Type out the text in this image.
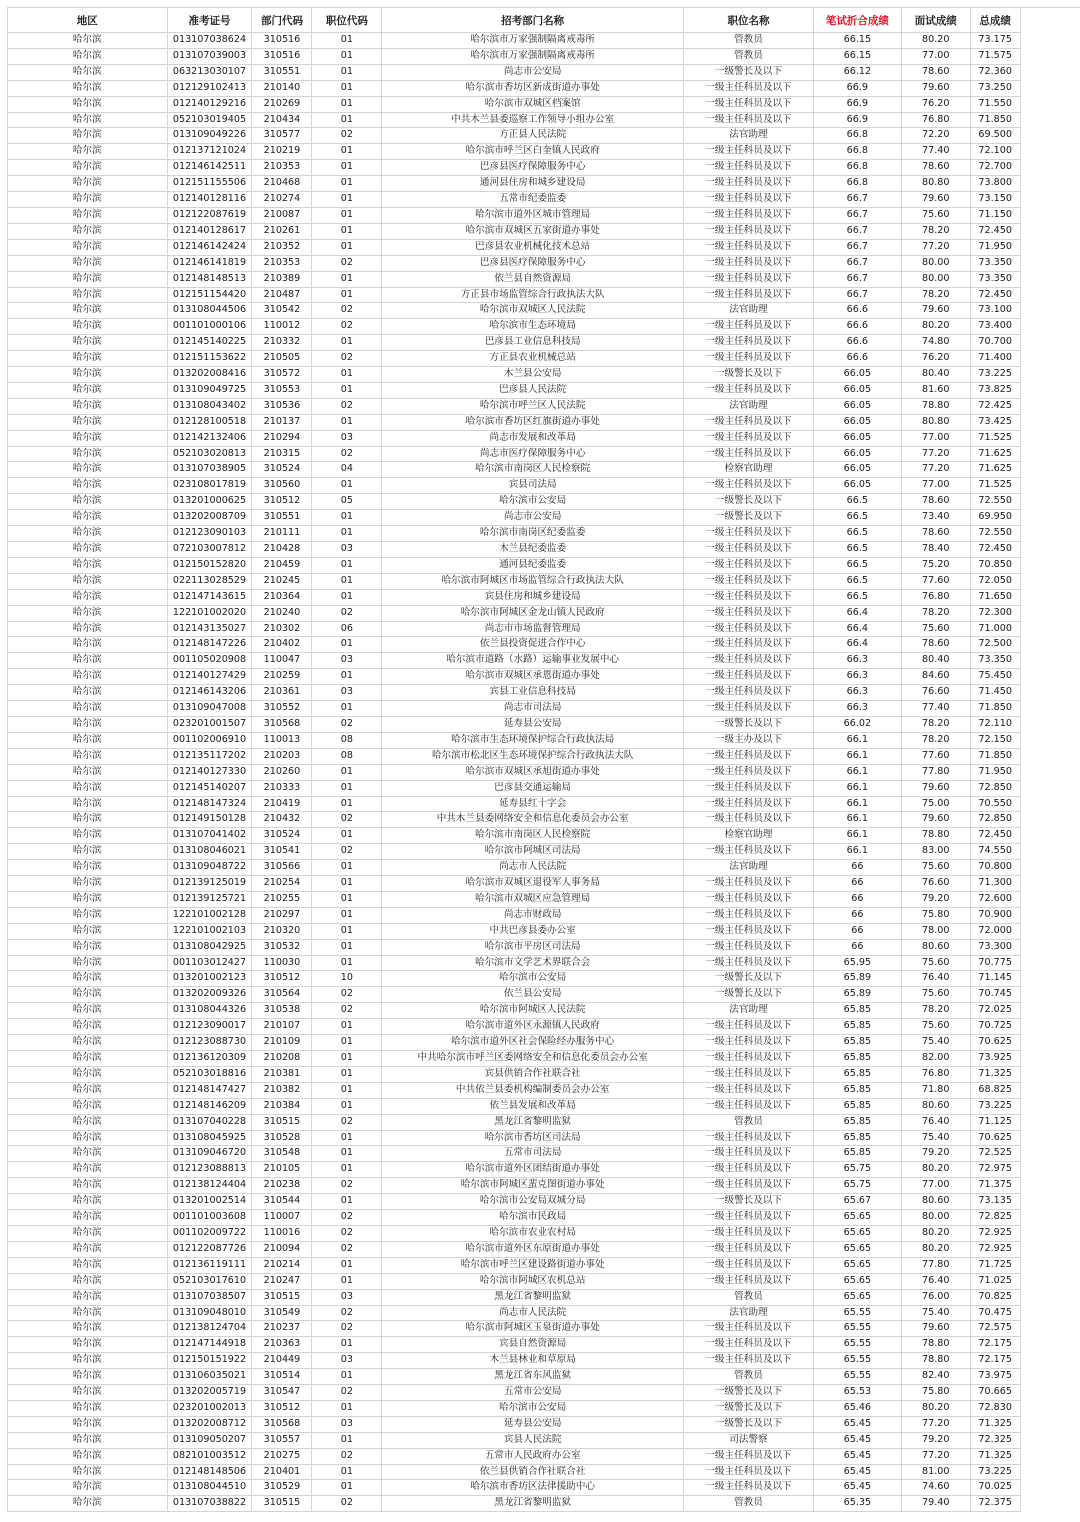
地区	准考证号	部门代码	职位代码	招考部门名称	职位名称	笔试折合成绩	面试成绩	总成绩	
哈尔滨	013107038624	310516	01	哈尔滨市万家强制隔离戒毒所	管教员	66.15	80.20	73.175	
哈尔滨	013107039003	310516	01	哈尔滨市万家强制隔离戒毒所	管教员	66.15	77.00	71.575	
哈尔滨	063213030107	310551	01	尚志市公安局	一级警长及以下	66.12	78.60	72.360	
哈尔滨	012129102413	210140	01	哈尔滨市香坊区新成街道办事处	一级主任科员及以下	66.9	79.60	73.250	
哈尔滨	012140129216	210269	01	哈尔滨市双城区档案馆	一级主任科员及以下	66.9	76.20	71.550	
哈尔滨	052103019405	210434	01	中共木兰县委巡察工作领导小组办公室	一级主任科员及以下	66.9	76.80	71.850	
哈尔滨	013109049226	310577	02	方正县人民法院	法官助理	66.8	72.20	69.500	
哈尔滨	012137121024	210219	01	哈尔滨市呼兰区白奎镇人民政府	一级主任科员及以下	66.8	77.40	72.100	
哈尔滨	012146142511	210353	01	巴彦县医疗保障服务中心	一级主任科员及以下	66.8	78.60	72.700	
哈尔滨	012151155506	210468	01	通河县住房和城乡建设局	一级主任科员及以下	66.8	80.80	73.800	
哈尔滨	012140128116	210274	01	五常市纪委监委	一级主任科员及以下	66.7	79.60	73.150	
哈尔滨	012122087619	210087	01	哈尔滨市道外区城市管理局	一级主任科员及以下	66.7	75.60	71.150	
哈尔滨	012140128617	210261	01	哈尔滨市双城区五家街道办事处	一级主任科员及以下	66.7	78.20	72.450	
哈尔滨	012146142424	210352	01	巴彦县农业机械化技术总站	一级主任科员及以下	66.7	77.20	71.950	
哈尔滨	012146141819	210353	02	巴彦县医疗保障服务中心	一级主任科员及以下	66.7	80.00	73.350	
哈尔滨	012148148513	210389	01	依兰县自然资源局	一级主任科员及以下	66.7	80.00	73.350	
哈尔滨	012151154420	210487	01	方正县市场监管综合行政执法大队	一级主任科员及以下	66.7	78.20	72.450	
哈尔滨	013108044506	310542	02	哈尔滨市双城区人民法院	法官助理	66.6	79.60	73.100	
哈尔滨	001101000106	110012	02	哈尔滨市生态环境局	一级主任科员及以下	66.6	80.20	73.400	
哈尔滨	012145140225	210332	01	巴彦县工业信息科技局	一级主任科员及以下	66.6	74.80	70.700	
哈尔滨	012151153622	210505	02	方正县农业机械总站	一级主任科员及以下	66.6	76.20	71.400	
哈尔滨	013202008416	310572	01	木兰县公安局	一级警长及以下	66.05	80.40	73.225	
哈尔滨	013109049725	310553	01	巴彦县人民法院	一级主任科员及以下	66.05	81.60	73.825	
哈尔滨	013108043402	310536	02	哈尔滨市呼兰区人民法院	法官助理	66.05	78.80	72.425	
哈尔滨	012128100518	210137	01	哈尔滨市香坊区红旗街道办事处	一级主任科员及以下	66.05	80.80	73.425	
哈尔滨	012142132406	210294	03	尚志市发展和改革局	一级主任科员及以下	66.05	77.00	71.525	
哈尔滨	052103020813	210315	02	尚志市医疗保障服务中心	一级主任科员及以下	66.05	77.20	71.625	
哈尔滨	013107038905	310524	04	哈尔滨市南岗区人民检察院	检察官助理	66.05	77.20	71.625	
哈尔滨	023108017819	310560	01	宾县司法局	一级主任科员及以下	66.05	77.00	71.525	
哈尔滨	013201000625	310512	05	哈尔滨市公安局	一级警长及以下	66.5	78.60	72.550	
哈尔滨	013202008709	310551	01	尚志市公安局	一级警长及以下	66.5	73.40	69.950	
哈尔滨	012123090103	210111	01	哈尔滨市南岗区纪委监委	一级主任科员及以下	66.5	78.60	72.550	
哈尔滨	072103007812	210428	03	木兰县纪委监委	一级主任科员及以下	66.5	78.40	72.450	
哈尔滨	012150152820	210459	01	通河县纪委监委	一级主任科员及以下	66.5	75.20	70.850	
哈尔滨	022113028529	210245	01	哈尔滨市阿城区市场监管综合行政执法大队	一级主任科员及以下	66.5	77.60	72.050	
哈尔滨	012147143615	210364	01	宾县住房和城乡建设局	一级主任科员及以下	66.5	76.80	71.650	
哈尔滨	122101002020	210240	02	哈尔滨市阿城区金龙山镇人民政府	一级主任科员及以下	66.4	78.20	72.300	
哈尔滨	012143135027	210302	06	尚志市市场监督管理局	一级主任科员及以下	66.4	75.60	71.000	
哈尔滨	012148147226	210402	01	依兰县投资促进合作中心	一级主任科员及以下	66.4	78.60	72.500	
哈尔滨	001105020908	110047	03	哈尔滨市道路（水路）运输事业发展中心	一级主任科员及以下	66.3	80.40	73.350	
哈尔滨	012140127429	210259	01	哈尔滨市双城区承恩街道办事处	一级主任科员及以下	66.3	84.60	75.450	
哈尔滨	012146143206	210361	03	宾县工业信息科技局	一级主任科员及以下	66.3	76.60	71.450	
哈尔滨	013109047008	310552	01	尚志市司法局	一级主任科员及以下	66.3	77.40	71.850	
哈尔滨	023201001507	310568	02	延寿县公安局	一级警长及以下	66.02	78.20	72.110	
哈尔滨	001102006910	110013	08	哈尔滨市生态环境保护综合行政执法局	一级主办及以下	66.1	78.20	72.150	
哈尔滨	012135117202	210203	08	哈尔滨市松北区生态环境保护综合行政执法大队	一级主任科员及以下	66.1	77.60	71.850	
哈尔滨	012140127330	210260	01	哈尔滨市双城区承旭街道办事处	一级主任科员及以下	66.1	77.80	71.950	
哈尔滨	012145140207	210333	01	巴彦县交通运输局	一级主任科员及以下	66.1	79.60	72.850	
哈尔滨	012148147324	210419	01	延寿县红十字会	一级主任科员及以下	66.1	75.00	70.550	
哈尔滨	012149150128	210432	02	中共木兰县委网络安全和信息化委员会办公室	一级主任科员及以下	66.1	79.60	72.850	
哈尔滨	013107041402	310524	01	哈尔滨市南岗区人民检察院	检察官助理	66.1	78.80	72.450	
哈尔滨	013108046021	310541	02	哈尔滨市阿城区司法局	一级主任科员及以下	66.1	83.00	74.550	
哈尔滨	013109048722	310566	01	尚志市人民法院	法官助理	66	75.60	70.800	
哈尔滨	012139125019	210254	01	哈尔滨市双城区退役军人事务局	一级主任科员及以下	66	76.60	71.300	
哈尔滨	012139125721	210255	01	哈尔滨市双城区应急管理局	一级主任科员及以下	66	79.20	72.600	
哈尔滨	122101002128	210297	01	尚志市财政局	一级主任科员及以下	66	75.80	70.900	
哈尔滨	122101002103	210320	01	中共巴彦县委办公室	一级主任科员及以下	66	78.00	72.000	
哈尔滨	013108042925	310532	01	哈尔滨市平房区司法局	一级主任科员及以下	66	80.60	73.300	
哈尔滨	001103012427	110030	01	哈尔滨市文学艺术界联合会	一级主任科员及以下	65.95	75.60	70.775	
哈尔滨	013201002123	310512	10	哈尔滨市公安局	一级警长及以下	65.89	76.40	71.145	
哈尔滨	013202009326	310564	02	依兰县公安局	一级警长及以下	65.89	75.60	70.745	
哈尔滨	013108044326	310538	02	哈尔滨市阿城区人民法院	法官助理	65.85	78.20	72.025	
哈尔滨	012123090017	210107	01	哈尔滨市道外区永源镇人民政府	一级主任科员及以下	65.85	75.60	70.725	
哈尔滨	012123088730	210109	01	哈尔滨市道外区社会保险经办服务中心	一级主任科员及以下	65.85	75.40	70.625	
哈尔滨	012136120309	210208	01	中共哈尔滨市呼兰区委网络安全和信息化委员会办公室	一级主任科员及以下	65.85	82.00	73.925	
哈尔滨	052103018816	210381	01	宾县供销合作社联合社	一级主任科员及以下	65.85	76.80	71.325	
哈尔滨	012148147427	210382	01	中共依兰县委机构编制委员会办公室	一级主任科员及以下	65.85	71.80	68.825	
哈尔滨	012148146209	210384	01	依兰县发展和改革局	一级主任科员及以下	65.85	80.60	73.225	
哈尔滨	013107040228	310515	02	黑龙江省黎明监狱	管教员	65.85	76.40	71.125	
哈尔滨	013108045925	310528	01	哈尔滨市香坊区司法局	一级主任科员及以下	65.85	75.40	70.625	
哈尔滨	013109046720	310548	01	五常市司法局	一级主任科员及以下	65.85	79.20	72.525	
哈尔滨	012123088813	210105	01	哈尔滨市道外区团结街道办事处	一级主任科员及以下	65.75	80.20	72.975	
哈尔滨	012138124404	210238	02	哈尔滨市阿城区蜚克图街道办事处	一级主任科员及以下	65.75	77.00	71.375	
哈尔滨	013201002514	310544	01	哈尔滨市公安局双城分局	一级警长及以下	65.67	80.60	73.135	
哈尔滨	001101003608	110007	02	哈尔滨市民政局	一级主任科员及以下	65.65	80.00	72.825	
哈尔滨	001102009722	110016	02	哈尔滨市农业农村局	一级主任科员及以下	65.65	80.20	72.925	
哈尔滨	012122087726	210094	02	哈尔滨市道外区东原街道办事处	一级主任科员及以下	65.65	80.20	72.925	
哈尔滨	012136119111	210214	01	哈尔滨市呼兰区建设路街道办事处	一级主任科员及以下	65.65	77.80	71.725	
哈尔滨	052103017610	210247	01	哈尔滨市阿城区农机总站	一级主任科员及以下	65.65	76.40	71.025	
哈尔滨	013107038507	310515	03	黑龙江省黎明监狱	管教员	65.65	76.00	70.825	
哈尔滨	013109048010	310549	02	尚志市人民法院	法官助理	65.55	75.40	70.475	
哈尔滨	012138124704	210237	02	哈尔滨市阿城区玉泉街道办事处	一级主任科员及以下	65.55	79.60	72.575	
哈尔滨	012147144918	210363	01	宾县自然资源局	一级主任科员及以下	65.55	78.80	72.175	
哈尔滨	012150151922	210449	03	木兰县林业和草原局	一级主任科员及以下	65.55	78.80	72.175	
哈尔滨	013106035021	310514	01	黑龙江省东风监狱	管教员	65.55	82.40	73.975	
哈尔滨	013202005719	310547	02	五常市公安局	一级警长及以下	65.53	75.80	70.665	
哈尔滨	023201002013	310512	01	哈尔滨市公安局	一级警长及以下	65.46	80.20	72.830	
哈尔滨	013202008712	310568	03	延寿县公安局	一级警长及以下	65.45	77.20	71.325	
哈尔滨	013109050207	310557	01	宾县人民法院	司法警察	65.45	79.20	72.325	
哈尔滨	082101003512	210275	02	五常市人民政府办公室	一级主任科员及以下	65.45	77.20	71.325	
哈尔滨	012148148506	210401	01	依兰县供销合作社联合社	一级主任科员及以下	65.45	81.00	73.225	
哈尔滨	013108044510	310529	01	哈尔滨市香坊区法律援助中心	一级主任科员及以下	65.45	74.60	70.025	
哈尔滨	013107038822	310515	02	黑龙江省黎明监狱	管教员	65.35	79.40	72.375	
